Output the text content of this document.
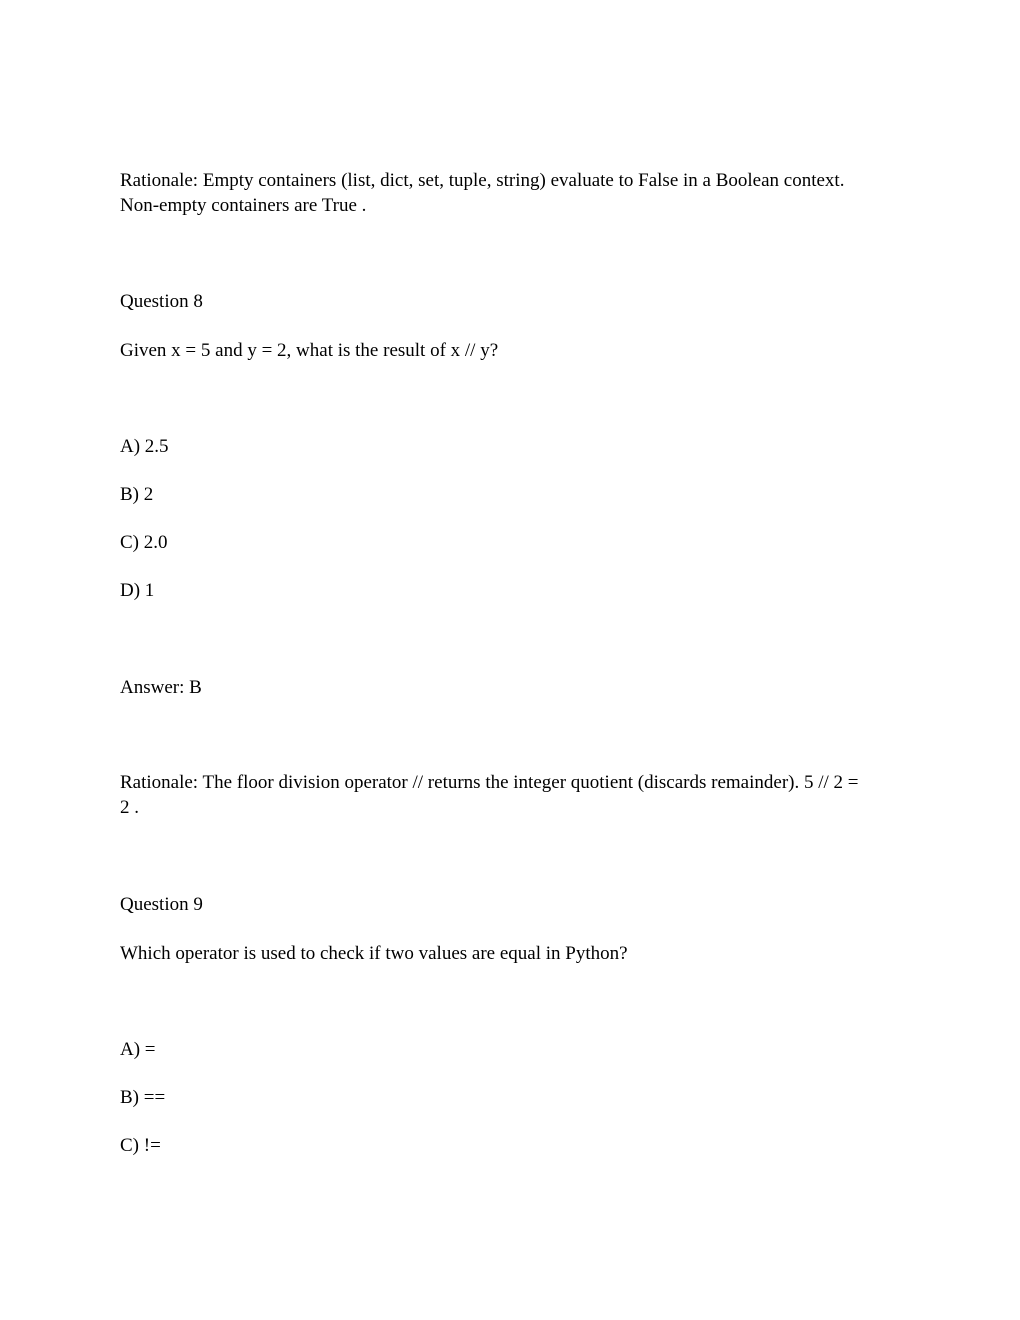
Rationale: Empty containers (list, dict, set, tuple, string) evaluate to False in a Boolean context.
Non-empty containers are True .
Question 8
Given x = 5 and y = 2, what is the result of x // y?
A) 2.5
B) 2
C) 2.0
D) 1
Answer: B
Rationale: The floor division operator // returns the integer quotient (discards remainder). 5 // 2 =
2 .
Question 9
Which operator is used to check if two values are equal in Python?
A) =
B) ==
C) !=
